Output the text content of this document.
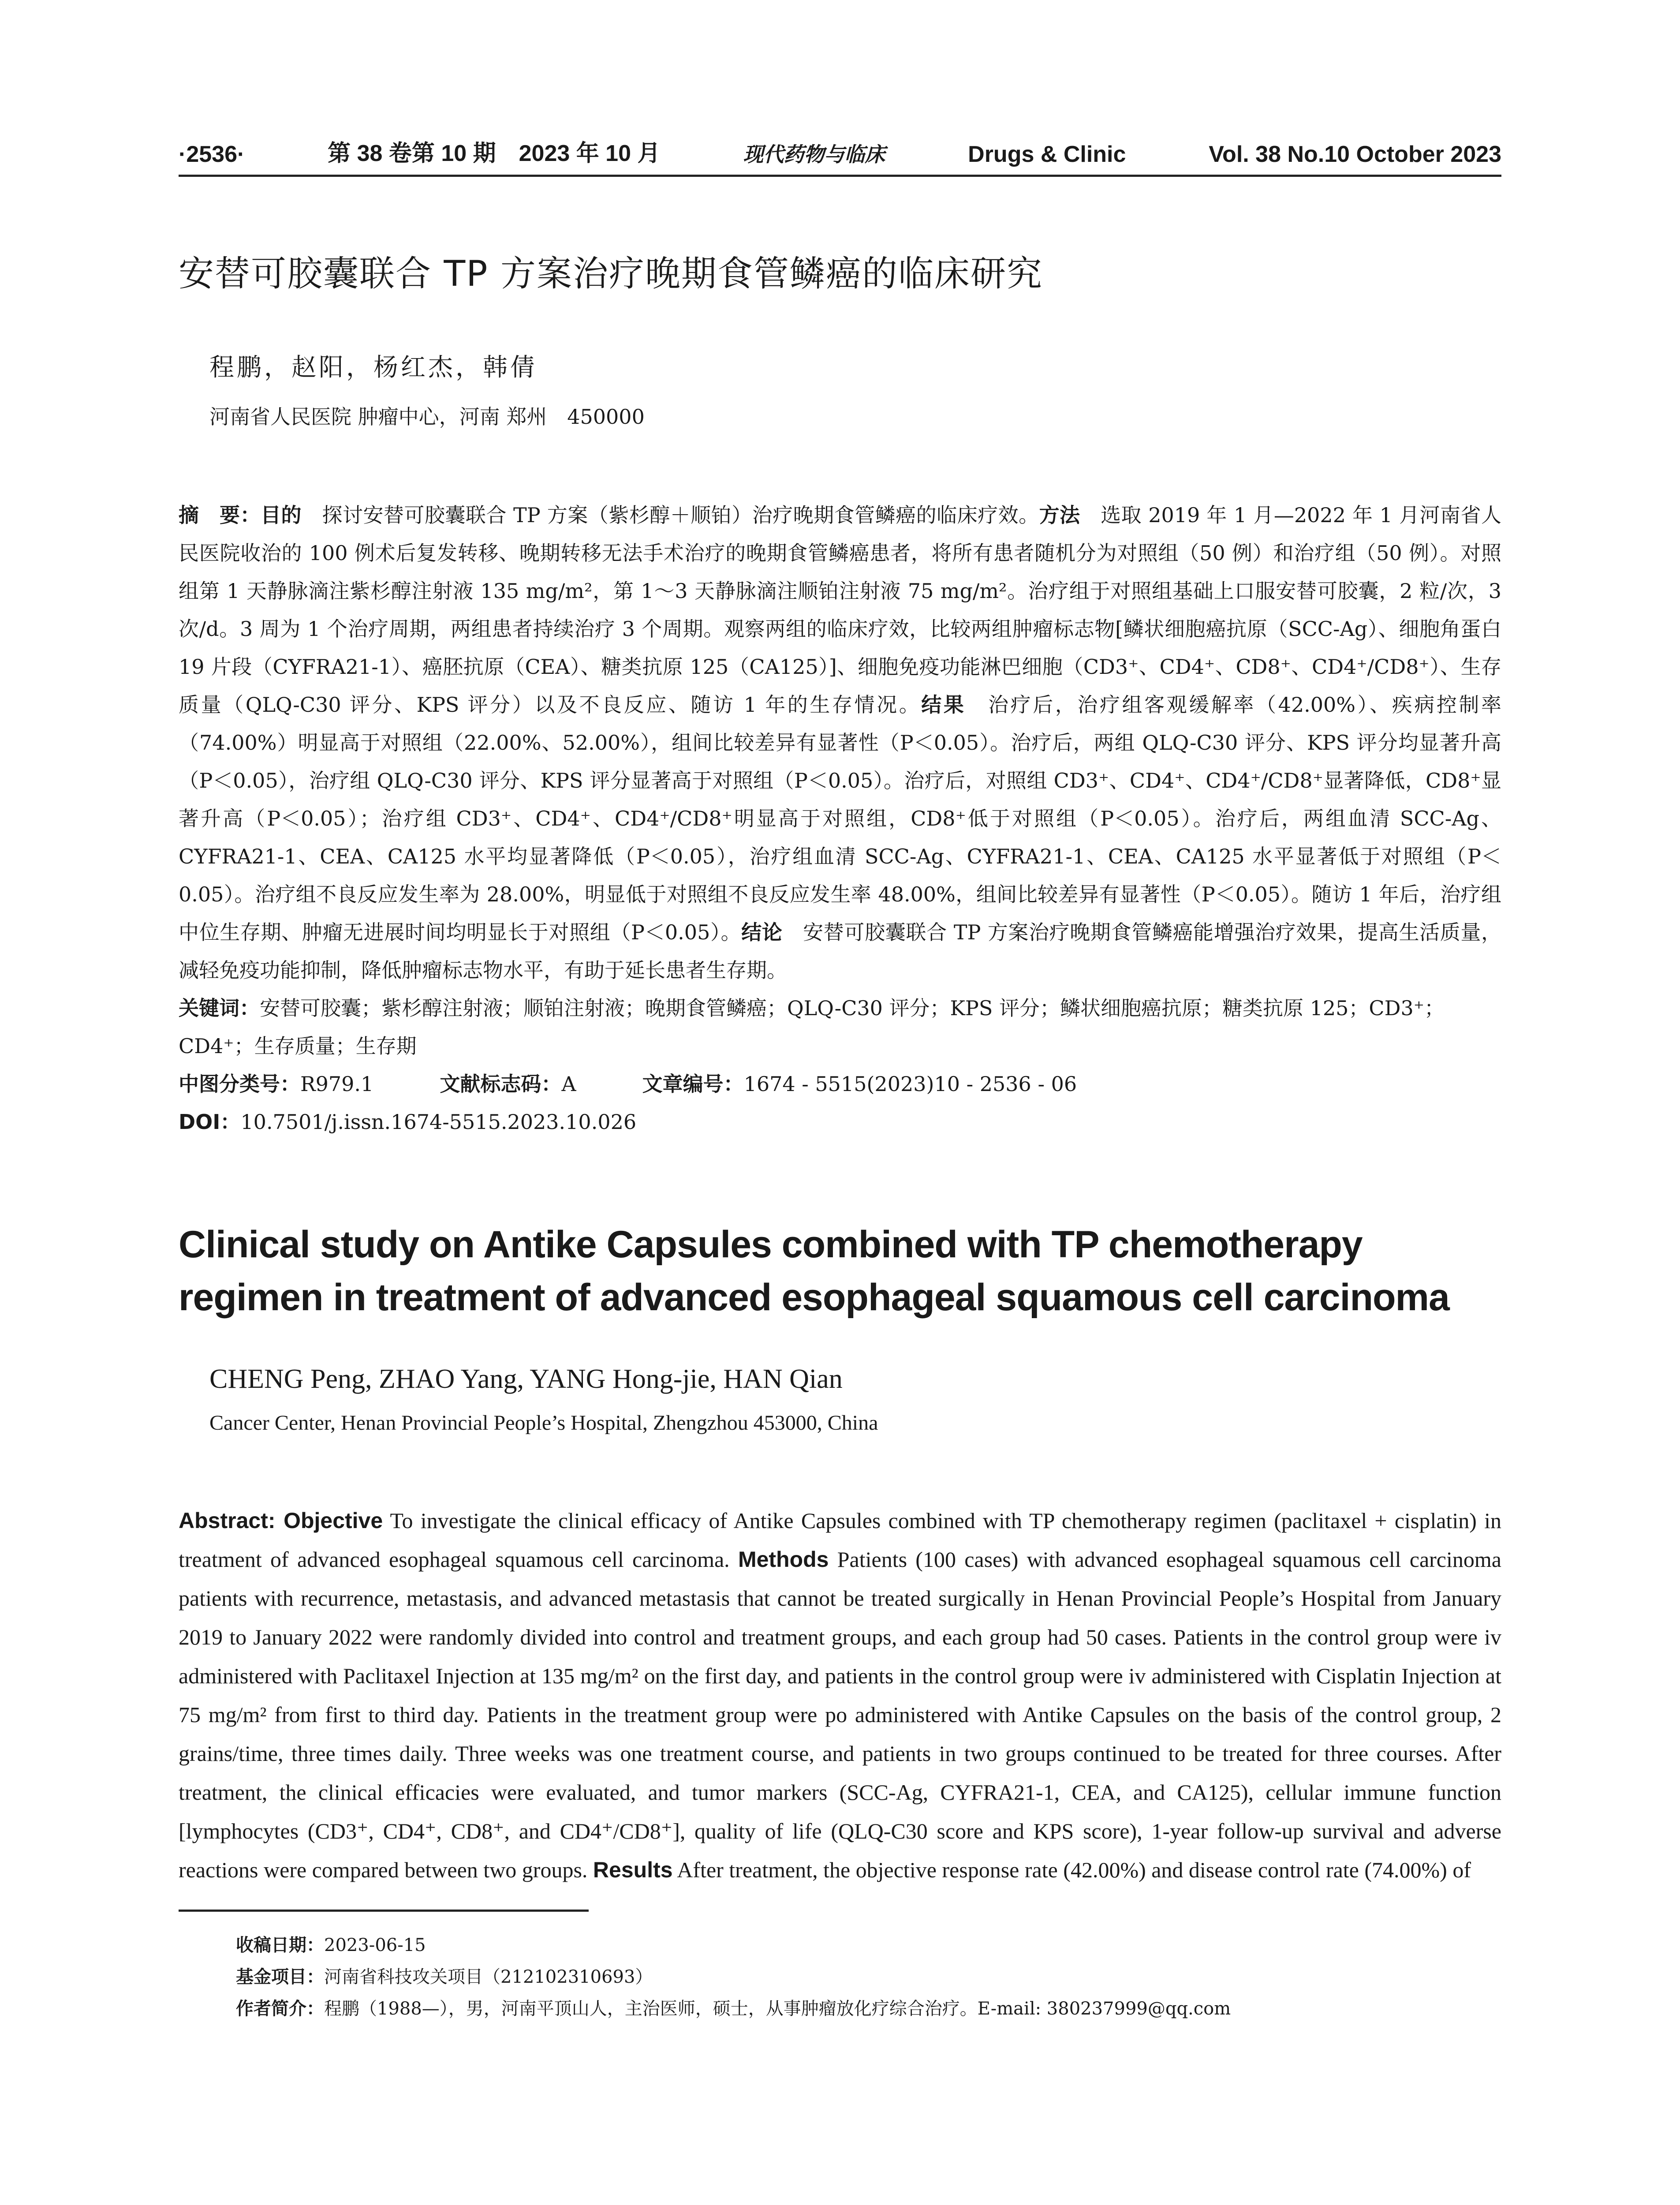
·2536·	第 38 卷第 10 期　2023 年 10 月	现代药物与临床	Drugs & Clinic	Vol. 38 No.10 October 2023
安替可胶囊联合 TP 方案治疗晚期食管鳞癌的临床研究
程鹏，赵阳，杨红杰，韩倩
河南省人民医院 肿瘤中心，河南 郑州　450000
摘　要：目的　探讨安替可胶囊联合 TP 方案（紫杉醇＋顺铂）治疗晚期食管鳞癌的临床疗效。方法　选取 2019 年 1 月—2022 年 1 月河南省人民医院收治的 100 例术后复发转移、晚期转移无法手术治疗的晚期食管鳞癌患者，将所有患者随机分为对照组（50 例）和治疗组（50 例）。对照组第 1 天静脉滴注紫杉醇注射液 135 mg/m²，第 1～3 天静脉滴注顺铂注射液 75 mg/m²。治疗组于对照组基础上口服安替可胶囊，2 粒/次，3 次/d。3 周为 1 个治疗周期，两组患者持续治疗 3 个周期。观察两组的临床疗效，比较两组肿瘤标志物[鳞状细胞癌抗原（SCC-Ag）、细胞角蛋白 19 片段（CYFRA21-1）、癌胚抗原（CEA）、糖类抗原 125（CA125）]、细胞免疫功能淋巴细胞（CD3⁺、CD4⁺、CD8⁺、CD4⁺/CD8⁺）、生存质量（QLQ-C30 评分、KPS 评分）以及不良反应、随访 1 年的生存情况。结果　治疗后，治疗组客观缓解率（42.00%）、疾病控制率（74.00%）明显高于对照组（22.00%、52.00%），组间比较差异有显著性（P＜0.05）。治疗后，两组 QLQ-C30 评分、KPS 评分均显著升高（P＜0.05），治疗组 QLQ-C30 评分、KPS 评分显著高于对照组（P＜0.05）。治疗后，对照组 CD3⁺、CD4⁺、CD4⁺/CD8⁺显著降低，CD8⁺显著升高（P＜0.05）；治疗组 CD3⁺、CD4⁺、CD4⁺/CD8⁺明显高于对照组，CD8⁺低于对照组（P＜0.05）。治疗后，两组血清 SCC-Ag、CYFRA21-1、CEA、CA125 水平均显著降低（P＜0.05），治疗组血清 SCC-Ag、CYFRA21-1、CEA、CA125 水平显著低于对照组（P＜0.05）。治疗组不良反应发生率为 28.00%，明显低于对照组不良反应发生率 48.00%，组间比较差异有显著性（P＜0.05）。随访 1 年后，治疗组中位生存期、肿瘤无进展时间均明显长于对照组（P＜0.05）。结论　安替可胶囊联合 TP 方案治疗晚期食管鳞癌能增强治疗效果，提高生活质量，减轻免疫功能抑制，降低肿瘤标志物水平，有助于延长患者生存期。
关键词：安替可胶囊；紫杉醇注射液；顺铂注射液；晚期食管鳞癌；QLQ-C30 评分；KPS 评分；鳞状细胞癌抗原；糖类抗原 125；CD3⁺；CD4⁺；生存质量；生存期
中图分类号：R979.1	文献标志码：A	文章编号：1674 - 5515(2023)10 - 2536 - 06
DOI：10.7501/j.issn.1674-5515.2023.10.026
Clinical study on Antike Capsules combined with TP chemotherapy regimen in treatment of advanced esophageal squamous cell carcinoma
CHENG Peng, ZHAO Yang, YANG Hong-jie, HAN Qian
Cancer Center, Henan Provincial People’s Hospital, Zhengzhou 453000, China
Abstract: Objective To investigate the clinical efficacy of Antike Capsules combined with TP chemotherapy regimen (paclitaxel + cisplatin) in treatment of advanced esophageal squamous cell carcinoma. Methods Patients (100 cases) with advanced esophageal squamous cell carcinoma patients with recurrence, metastasis, and advanced metastasis that cannot be treated surgically in Henan Provincial People’s Hospital from January 2019 to January 2022 were randomly divided into control and treatment groups, and each group had 50 cases. Patients in the control group were iv administered with Paclitaxel Injection at 135 mg/m² on the first day, and patients in the control group were iv administered with Cisplatin Injection at 75 mg/m² from first to third day. Patients in the treatment group were po administered with Antike Capsules on the basis of the control group, 2 grains/time, three times daily. Three weeks was one treatment course, and patients in two groups continued to be treated for three courses. After treatment, the clinical efficacies were evaluated, and tumor markers (SCC-Ag, CYFRA21-1, CEA, and CA125), cellular immune function [lymphocytes (CD3⁺, CD4⁺, CD8⁺, and CD4⁺/CD8⁺], quality of life (QLQ-C30 score and KPS score), 1-year follow-up survival and adverse reactions were compared between two groups. Results After treatment, the objective response rate (42.00%) and disease control rate (74.00%) of
收稿日期：2023-06-15
基金项目：河南省科技攻关项目（212102310693）
作者简介：程鹏（1988—），男，河南平顶山人，主治医师，硕士，从事肿瘤放化疗综合治疗。E-mail: 380237999@qq.com
